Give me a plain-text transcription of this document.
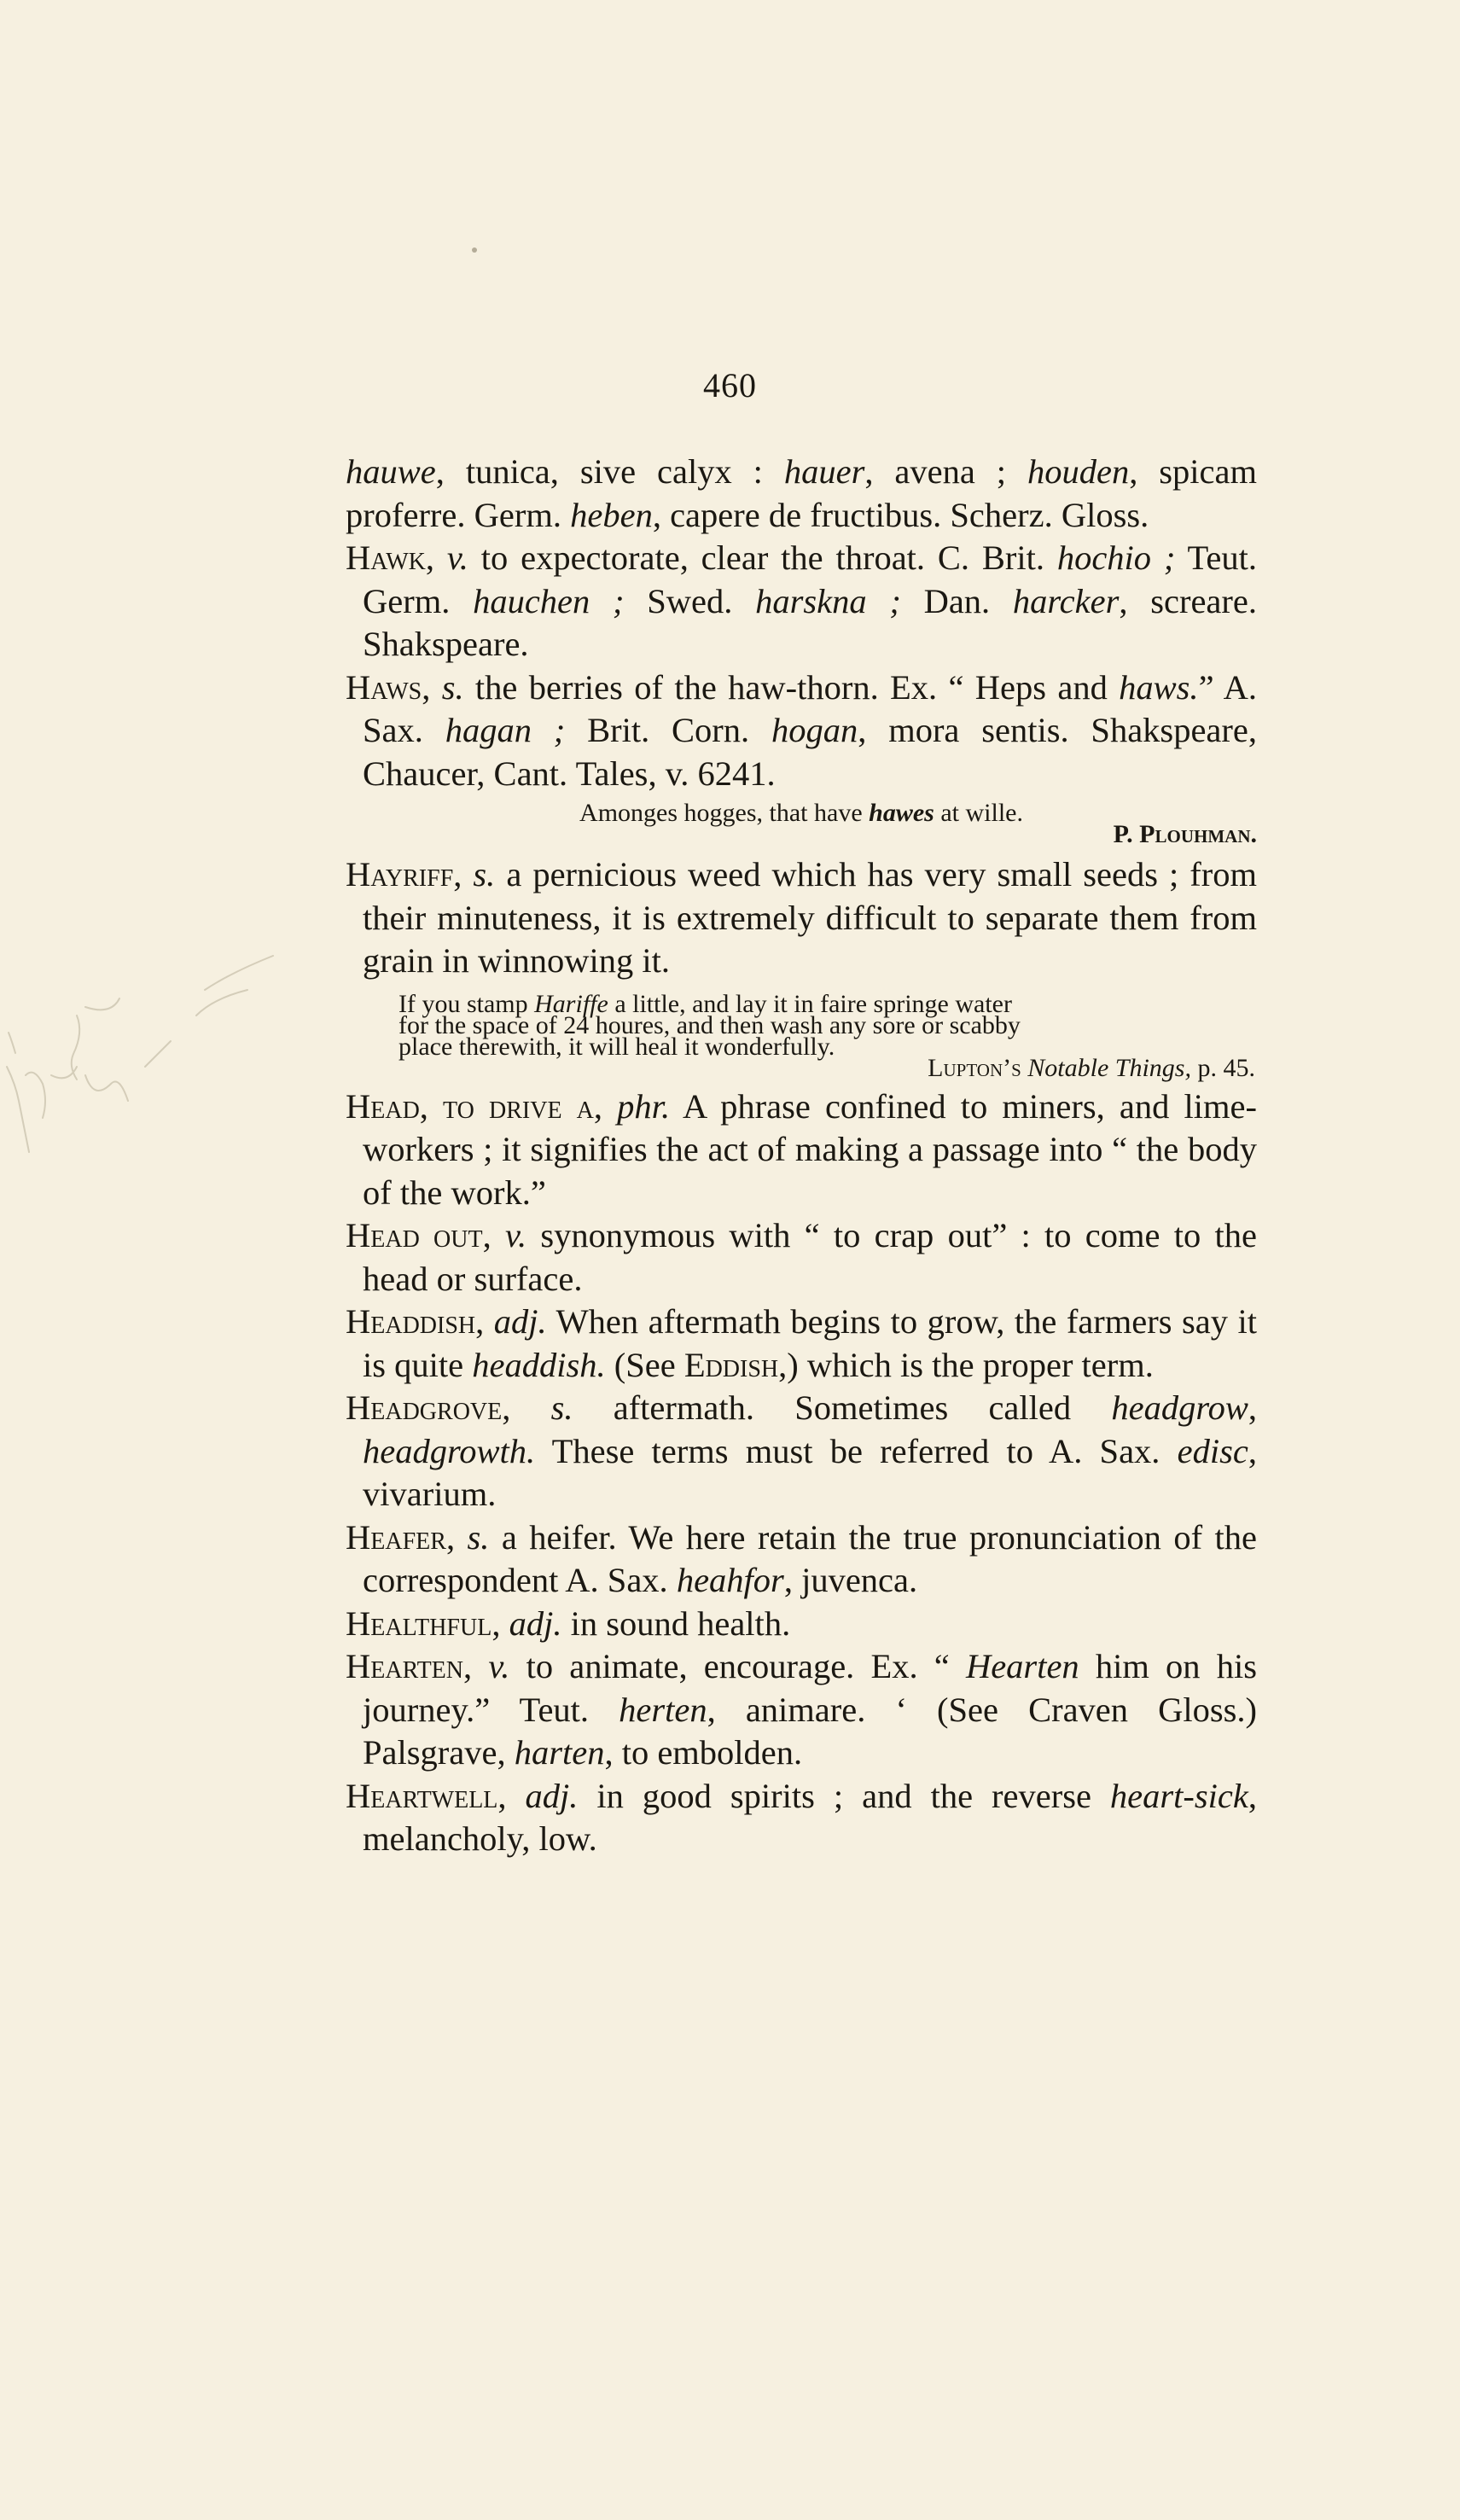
460

hauwe, tunica, sive calyx : hauer, avena ; houden, spicam proferre. Germ. heben, capere de fructibus. Scherz. Gloss.

Hawk, v. to expectorate, clear the throat. C. Brit. hochio ; Teut. Germ. hauchen ; Swed. harskna ; Dan. harcker, screare. Shakspeare.

Haws, s. the berries of the haw-thorn. Ex. “ Heps and haws.” A. Sax. hagan ; Brit. Corn. hogan, mora sentis. Shakspeare, Chaucer, Cant. Tales, v. 6241.

Amonges hogges, that have hawes at wille.
P. Plouhman.

Hayriff, s. a pernicious weed which has very small seeds ; from their minuteness, it is extremely difficult to separate them from grain in winnowing it.

If you stamp Hariffe a little, and lay it in faire springe water
for the space of 24 houres, and then wash any sore or scabby
place therewith, it will heal it wonderfully.
Lupton’s Notable Things, p. 45.

Head, to drive a, phr. A phrase confined to miners, and lime-workers ; it signifies the act of making a passage into “ the body of the work.”

Head out, v. synonymous with “ to crap out” : to come to the head or surface.

Headdish, adj. When aftermath begins to grow, the farmers say it is quite headdish. (See Eddish,) which is the proper term.

Headgrove, s. aftermath. Sometimes called headgrow, headgrowth. These terms must be referred to A. Sax. edisc, vivarium.

Heafer, s. a heifer. We here retain the true pronunciation of the correspondent A. Sax. heahfor, juvenca.

Healthful, adj. in sound health.

Hearten, v. to animate, encourage. Ex. “ Hearten him on his journey.” Teut. herten, animare. ‘ (See Craven Gloss.) Palsgrave, harten, to embolden.

Heartwell, adj. in good spirits ; and the reverse heart-sick, melancholy, low.
